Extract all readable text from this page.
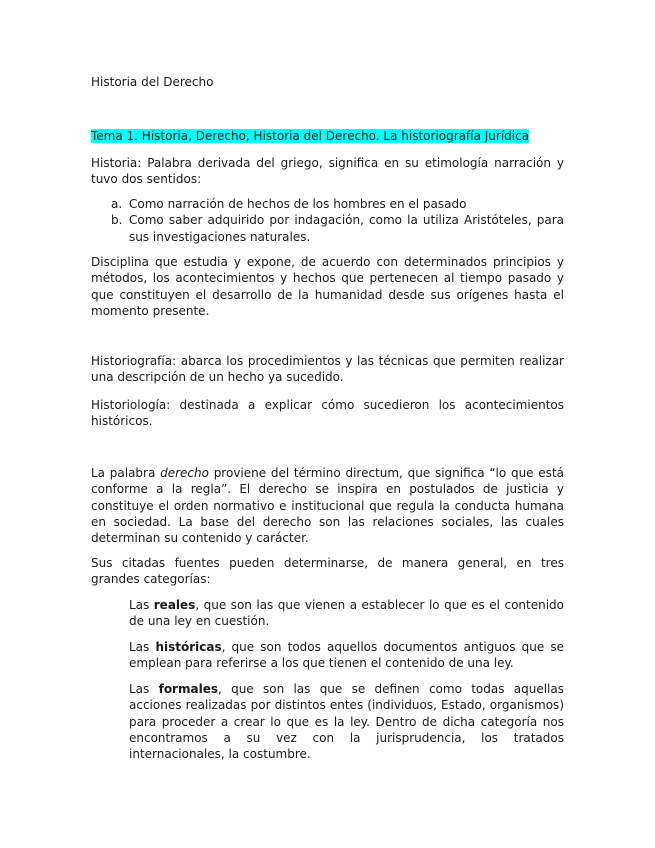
Historia del Derecho

Tema 1. Historia, Derecho, Historia del Derecho. La historiografía Jurídica

Historia: Palabra derivada del griego, significa en su etimología narración y tuvo dos sentidos:

a. Como narración de hechos de los hombres en el pasado
b. Como saber adquirido por indagación, como la utiliza Aristóteles, para sus investigaciones naturales.

Disciplina que estudia y expone, de acuerdo con determinados principios y métodos, los acontecimientos y hechos que pertenecen al tiempo pasado y que constituyen el desarrollo de la humanidad desde sus orígenes hasta el momento presente.

Historiografía: abarca los procedimientos y las técnicas que permiten realizar una descripción de un hecho ya sucedido.

Historiología: destinada a explicar cómo sucedieron los acontecimientos históricos.

La palabra derecho proviene del término directum, que significa “lo que está conforme a la regla”. El derecho se inspira en postulados de justicia y constituye el orden normativo e institucional que regula la conducta humana en sociedad. La base del derecho son las relaciones sociales, las cuales determinan su contenido y carácter.

Sus citadas fuentes pueden determinarse, de manera general, en tres grandes categorías:

Las reales, que son las que vienen a establecer lo que es el contenido de una ley en cuestión.

Las históricas, que son todos aquellos documentos antiguos que se emplean para referirse a los que tienen el contenido de una ley.

Las formales, que son las que se definen como todas aquellas acciones realizadas por distintos entes (individuos, Estado, organismos) para proceder a crear lo que es la ley. Dentro de dicha categoría nos encontramos a su vez con la jurisprudencia, los tratados internacionales, la costumbre.
